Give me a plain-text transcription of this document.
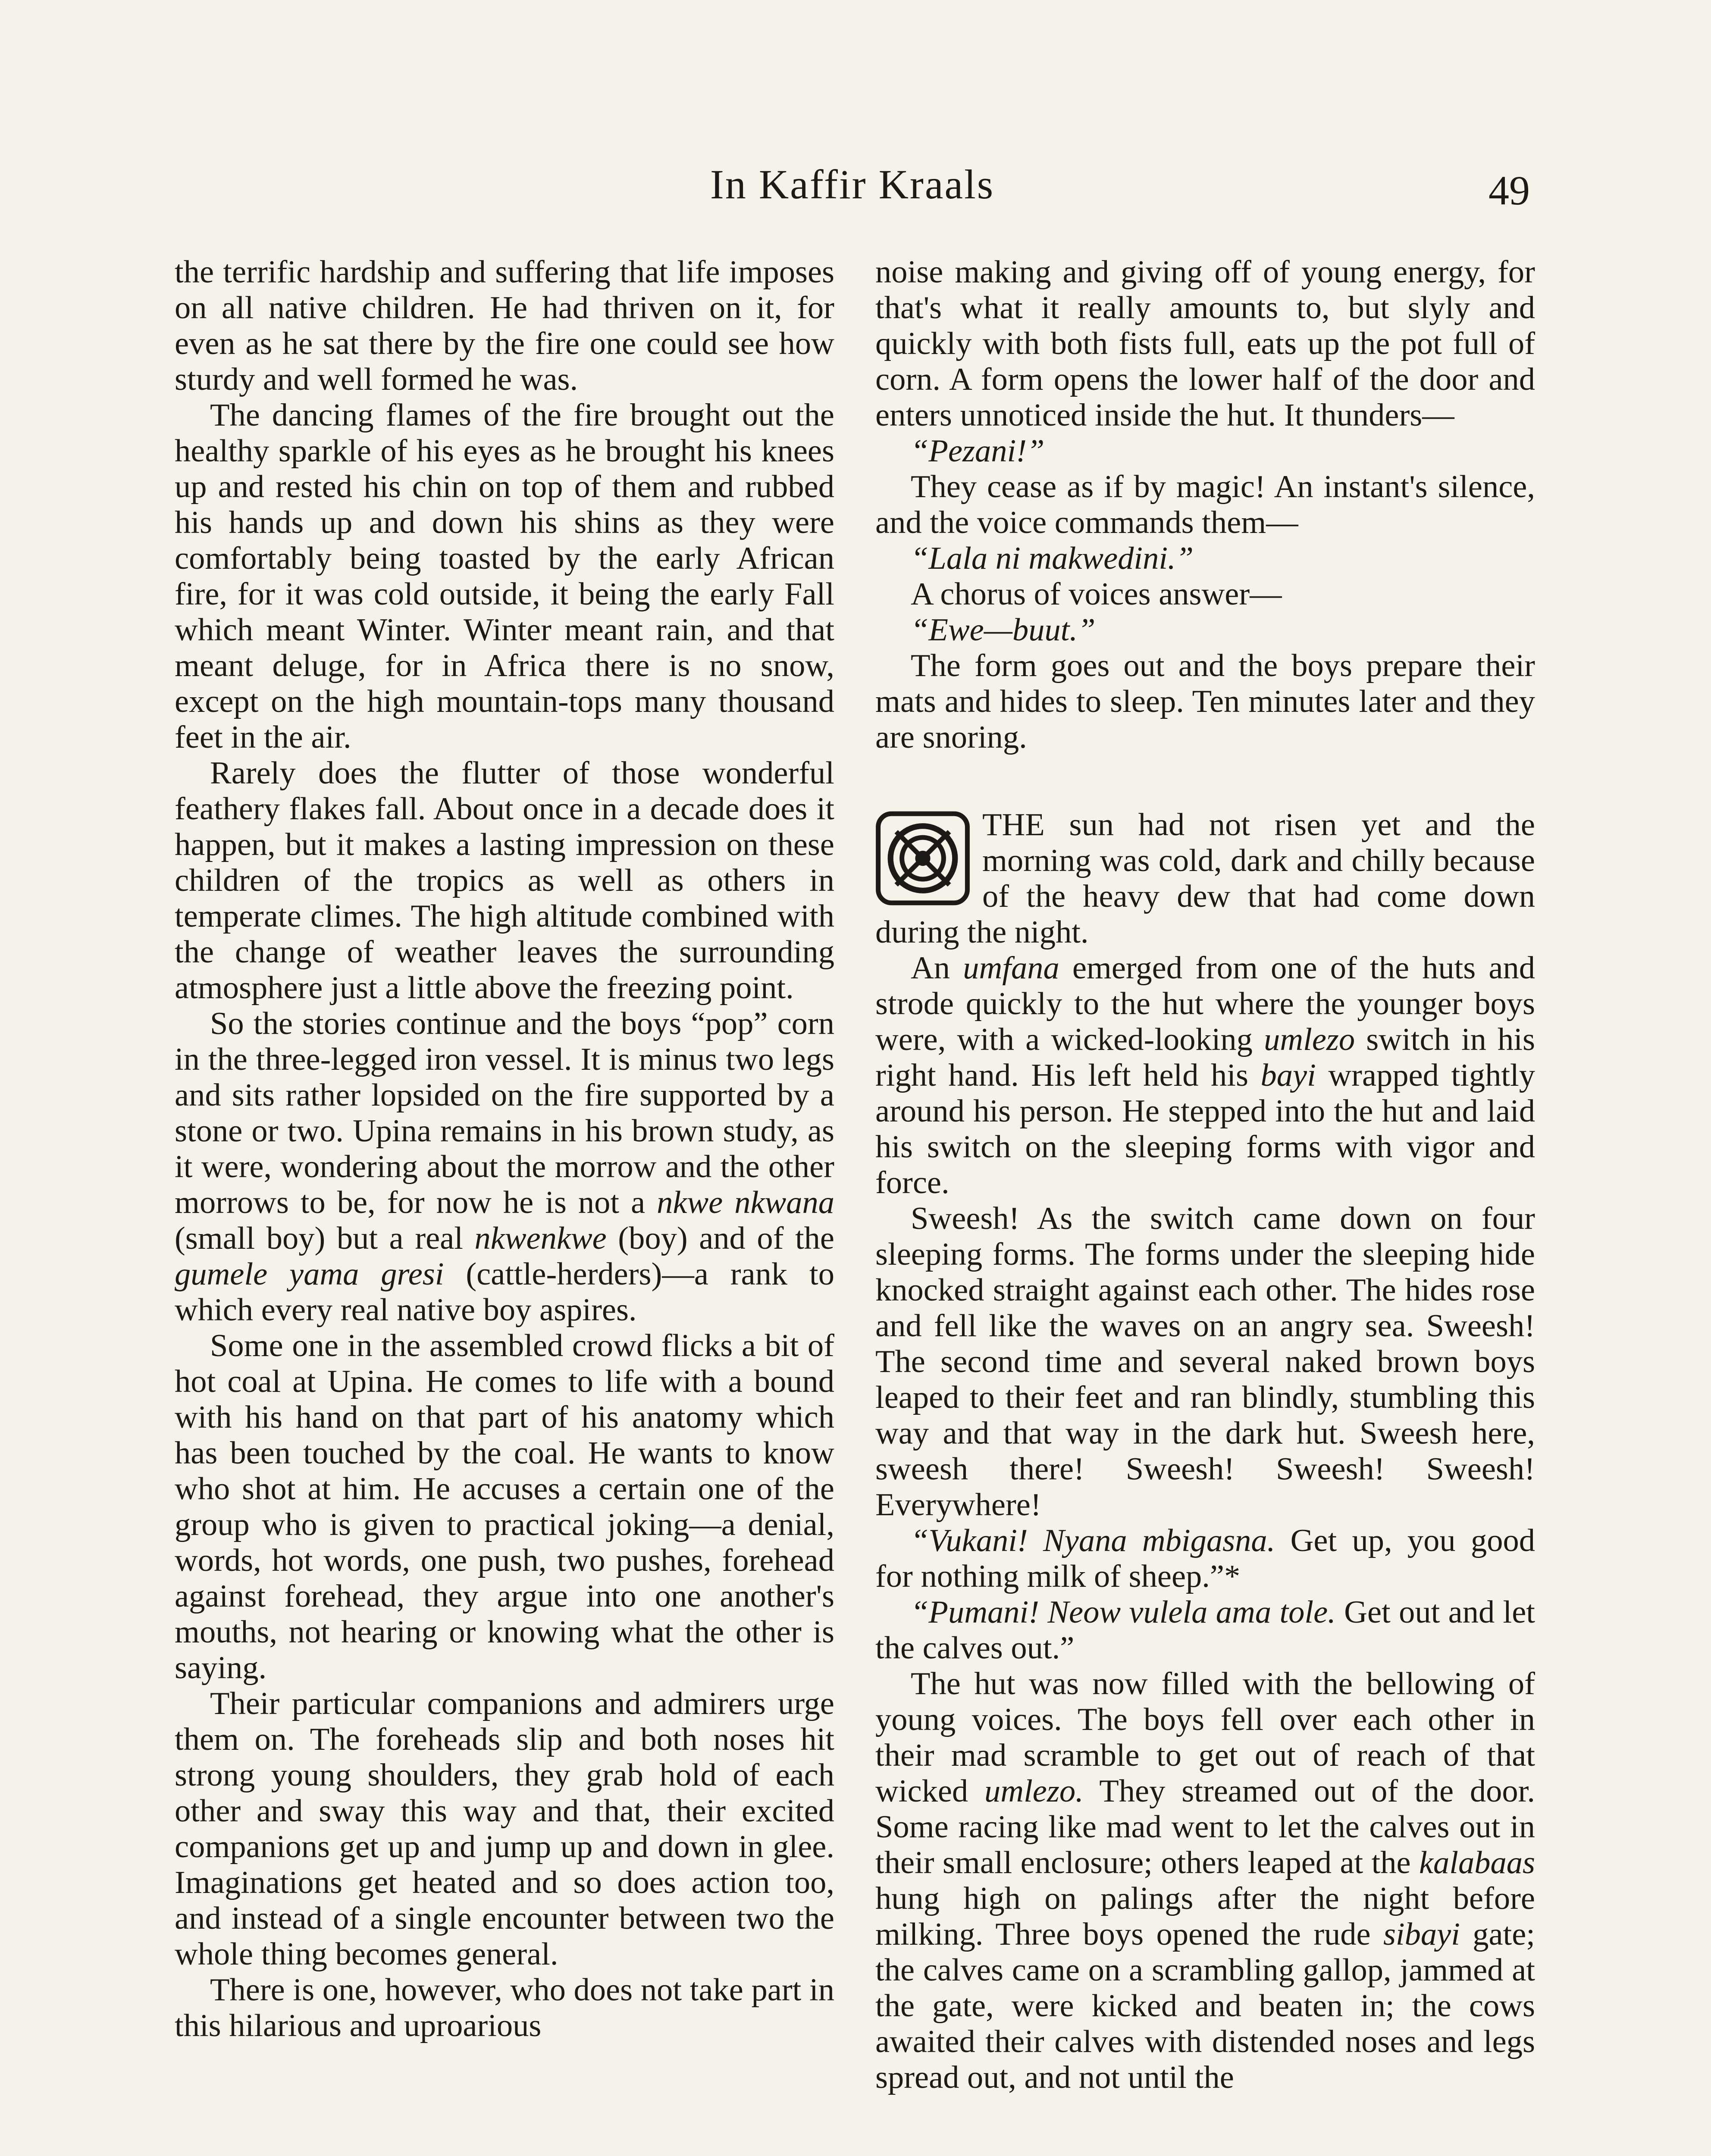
In Kaffir Kraals	49

the terrific hardship and suffering that life imposes on all native children. He had thriven on it, for even as he sat there by the fire one could see how sturdy and well formed he was.

The dancing flames of the fire brought out the healthy sparkle of his eyes as he brought his knees up and rested his chin on top of them and rubbed his hands up and down his shins as they were comfortably being toasted by the early African fire, for it was cold outside, it being the early Fall which meant Winter. Winter meant rain, and that meant deluge, for in Africa there is no snow, except on the high mountain-tops many thousand feet in the air.

Rarely does the flutter of those wonderful feathery flakes fall. About once in a decade does it happen, but it makes a lasting impression on these children of the tropics as well as others in temperate climes. The high altitude combined with the change of weather leaves the surrounding atmosphere just a little above the freezing point.

So the stories continue and the boys “pop” corn in the three-legged iron vessel. It is minus two legs and sits rather lopsided on the fire supported by a stone or two. Upina remains in his brown study, as it were, wondering about the morrow and the other morrows to be, for now he is not a nkwe nkwana (small boy) but a real nkwenkwe (boy) and of the gumele yama gresi (cattle-herders)—a rank to which every real native boy aspires.

Some one in the assembled crowd flicks a bit of hot coal at Upina. He comes to life with a bound with his hand on that part of his anatomy which has been touched by the coal. He wants to know who shot at him. He accuses a certain one of the group who is given to practical joking—a denial, words, hot words, one push, two pushes, forehead against forehead, they argue into one another's mouths, not hearing or knowing what the other is saying.

Their particular companions and admirers urge them on. The foreheads slip and both noses hit strong young shoulders, they grab hold of each other and sway this way and that, their excited companions get up and jump up and down in glee. Imaginations get heated and so does action too, and instead of a single encounter between two the whole thing becomes general.

There is one, however, who does not take part in this hilarious and uproarious

noise making and giving off of young energy, for that's what it really amounts to, but slyly and quickly with both fists full, eats up the pot full of corn. A form opens the lower half of the door and enters unnoticed inside the hut. It thunders—

“Pezani!”

They cease as if by magic! An instant's silence, and the voice commands them—

“Lala ni makwedini.”

A chorus of voices answer—

“Ewe—buut.”

The form goes out and the boys prepare their mats and hides to sleep. Ten minutes later and they are snoring.

THE sun had not risen yet and the morning was cold, dark and chilly because of the heavy dew that had come down during the night.

An umfana emerged from one of the huts and strode quickly to the hut where the younger boys were, with a wicked-looking umlezo switch in his right hand. His left held his bayi wrapped tightly around his person. He stepped into the hut and laid his switch on the sleeping forms with vigor and force.

Sweesh! As the switch came down on four sleeping forms. The forms under the sleeping hide knocked straight against each other. The hides rose and fell like the waves on an angry sea. Sweesh! The second time and several naked brown boys leaped to their feet and ran blindly, stumbling this way and that way in the dark hut. Sweesh here, sweesh there! Sweesh! Sweesh! Sweesh! Everywhere!

“Vukani! Nyana mbigasna. Get up, you good for nothing milk of sheep.”*

“Pumani! Neow vulela ama tole. Get out and let the calves out.”

The hut was now filled with the bellowing of young voices. The boys fell over each other in their mad scramble to get out of reach of that wicked umlezo. They streamed out of the door. Some racing like mad went to let the calves out in their small enclosure; others leaped at the kalabaas hung high on palings after the night before milking. Three boys opened the rude sibayi gate; the calves came on a scrambling gallop, jammed at the gate, were kicked and beaten in; the cows awaited their calves with distended noses and legs spread out, and not until the
